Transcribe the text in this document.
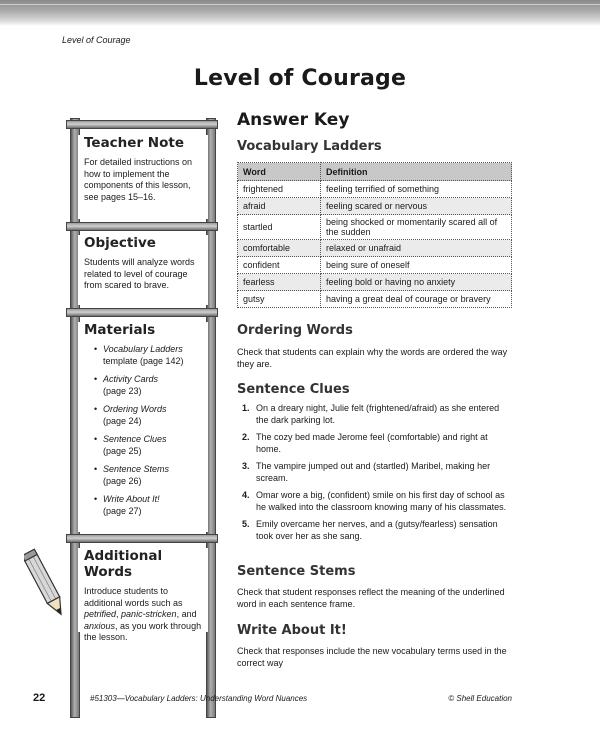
Level of Courage
Level of Courage
Teacher Note

For detailed instructions on how to implement the components of this lesson, see pages 15–16.

Objective

Students will analyze words related to level of courage from scared to brave.

Materials
• Vocabulary Ladders
template (page 142)
• Activity Cards
(page 23)
• Ordering Words
(page 24)
• Sentence Clues
(page 25)
• Sentence Stems
(page 26)
• Write About It!
(page 27)
Additional Words

Introduce students to additional words such as petrified, panic-stricken, and anxious, as you work through the lesson.

Answer Key
Vocabulary Ladders
Word	Definition
frightened	feeling terrified of something
afraid	feeling scared or nervous
startled	being shocked or momentarily scared all of the sudden
comfortable	relaxed or unafraid
confident	being sure of oneself
fearless	feeling bold or having no anxiety
gutsy	having a great deal of courage or bravery
Ordering Words

Check that students can explain why the words are ordered the way they are.

Sentence Clues
1. On a dreary night, Julie felt (frightened/afraid) as she entered the dark parking lot.
2. The cozy bed made Jerome feel (comfortable) and right at home.
3. The vampire jumped out and (startled) Maribel, making her scream.
4. Omar wore a big, (confident) smile on his first day of school as he walked into the classroom knowing many of his classmates.
5. Emily overcame her nerves, and a (gutsy/fearless) sensation took over her as she sang.
Sentence Stems

Check that student responses reflect the meaning of the underlined word in each sentence frame.

Write About It!

Check that responses include the new vocabulary terms used in the correct way

22	#51303—Vocabulary Ladders: Understanding Word Nuances	© Shell Education
